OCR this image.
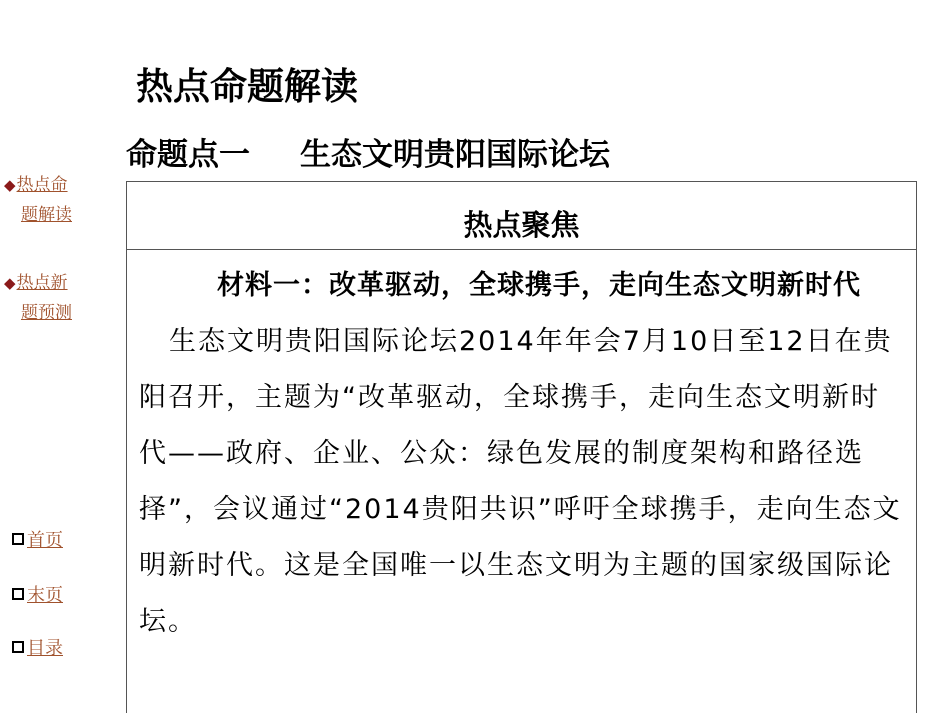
热点命题解读
命题点一 生态文明贵阳国际论坛
◆热点命
题解读
◆热点新
题预测
首页
末页
目录
热点聚焦
材料一：改革驱动，全球携手，走向生态文明新时代生态文明贵阳国际论坛2014年年会7月10日至12日在贵阳召开，主题为“改革驱动，全球携手，走向生态文明新时代——政府、企业、公众：绿色发展的制度架构和路径选择”，会议通过“2014贵阳共识”呼吁全球携手，走向生态文明新时代。这是全国唯一以生态文明为主题的国家级国际论坛。
